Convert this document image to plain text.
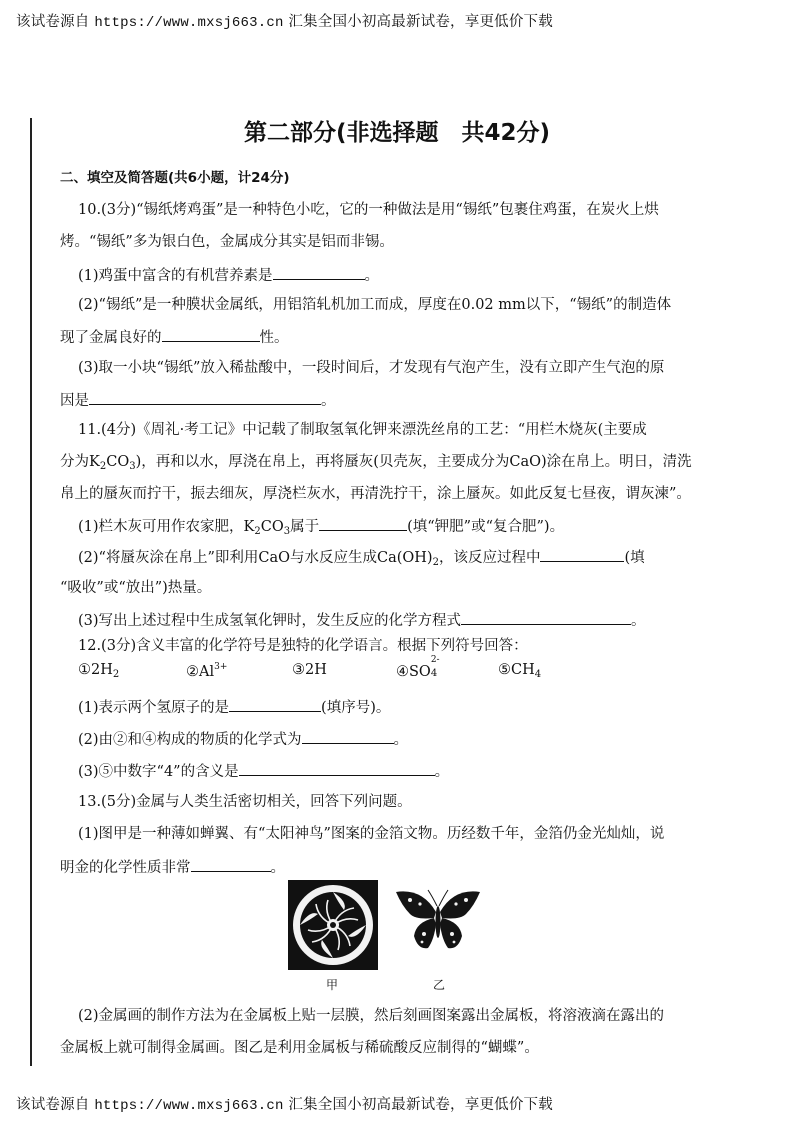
该试卷源自 https://www.mxsj663.cn 汇集全国小初高最新试卷，享更低价下载
第二部分(非选择题　共42分)
二、填空及简答题(共6小题，计24分)
10.(3分)“锡纸烤鸡蛋”是一种特色小吃，它的一种做法是用“锡纸”包裹住鸡蛋，在炭火上烘
烤。“锡纸”多为银白色，金属成分其实是铝而非锡。
(1)鸡蛋中富含的有机营养素是	。
(2)“锡纸”是一种膜状金属纸，用铝箔轧机加工而成，厚度在0.02 mm以下，“锡纸”的制造体
现了金属良好的	性。
(3)取一小块“锡纸”放入稀盐酸中，一段时间后，才发现有气泡产生，没有立即产生气泡的原
因是	。
11.(4分)《周礼·考工记》中记载了制取氢氧化钾来漂洗丝帛的工艺：“用栏木烧灰(主要成
分为$K_2CO_3$)，再和以水，厚浇在帛上，再将蜃灰(贝壳灰，主要成分为CaO)涂在帛上。明日，清洗
帛上的蜃灰而拧干，振去细灰，厚浇栏灰水，再清洗拧干，涂上蜃灰。如此反复七昼夜，谓灰湅”。
(1)栏木灰可用作农家肥，$K_2CO_3$属于	(填“钾肥”或“复合肥”)。
(2)“将蜃灰涂在帛上”即利用CaO与水反应生成$Ca(OH)_2$，该反应过程中	(填
“吸收”或“放出”)热量。
(3)写出上述过程中生成氢氧化钾时，发生反应的化学方程式	。
12.(3分)含义丰富的化学符号是独特的化学语言。根据下列符号回答：
$①2H_2$	$②Al^{3+}$	③2H	④SO
2-
4	$⑤CH_4$
(1)表示两个氢原子的是	(填序号)。
(2)由②和④构成的物质的化学式为	。
(3)⑤中数字“4”的含义是	。
13.(5分)金属与人类生活密切相关，回答下列问题。
(1)图甲是一种薄如蝉翼、有“太阳神鸟”图案的金箔文物。历经数千年，金箔仍金光灿灿，说
明金的化学性质非常	。
甲	乙
(2)金属画的制作方法为在金属板上贴一层膜，然后刻画图案露出金属板，将溶液滴在露出的
金属板上就可制得金属画。图乙是利用金属板与稀硫酸反应制得的“蝴蝶”。
该试卷源自 https://www.mxsj663.cn 汇集全国小初高最新试卷，享更低价下载
